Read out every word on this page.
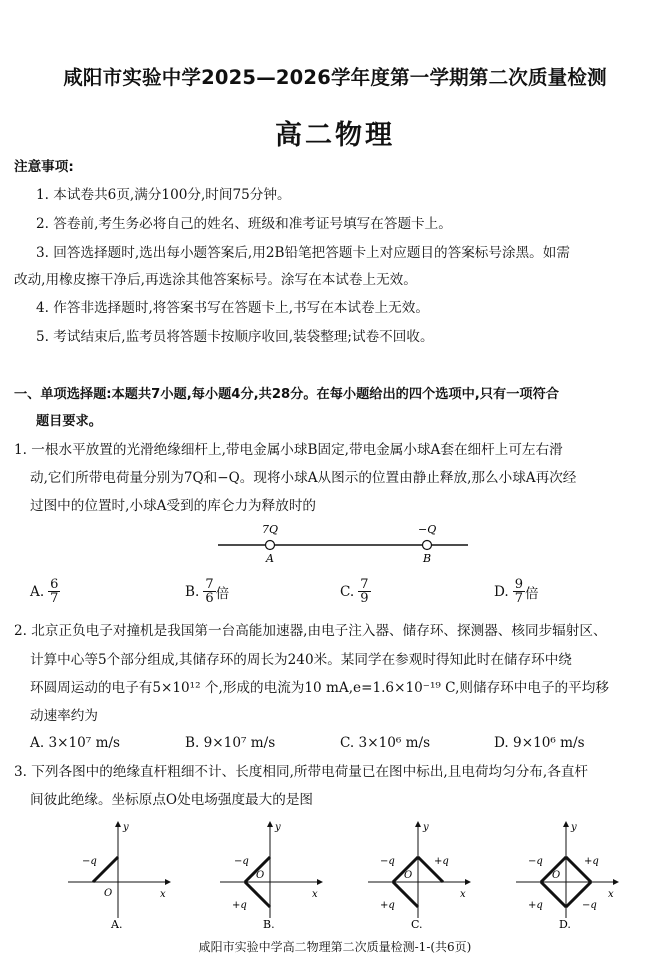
咸阳市实验中学2025—2026学年度第一学期第二次质量检测
高二物理
注意事项:
1. 本试卷共6页,满分100分,时间75分钟。
2. 答卷前,考生务必将自己的姓名、班级和准考证号填写在答题卡上。
3. 回答选择题时,选出每小题答案后,用2B铅笔把答题卡上对应题目的答案标号涂黑。如需
改动,用橡皮擦干净后,再选涂其他答案标号。涂写在本试卷上无效。
4. 作答非选择题时,将答案书写在答题卡上,书写在本试卷上无效。
5. 考试结束后,监考员将答题卡按顺序收回,装袋整理;试卷不回收。
一、单项选择题:本题共7小题,每小题4分,共28分。在每小题给出的四个选项中,只有一项符合
题目要求。
1. 一根水平放置的光滑绝缘细杆上,带电金属小球B固定,带电金属小球A套在细杆上可左右滑
动,它们所带电荷量分别为7Q和−Q。现将小球A从图示的位置由静止释放,那么小球A再次经
过图中的位置时,小球A受到的库仑力为释放时的
7Q	−Q
A	B
A. $\frac{6}{7}$	B. $\frac{7}{6}$ 倍	C. $\frac{7}{9}$	D. $\frac{9}{7}$ 倍
2. 北京正负电子对撞机是我国第一台高能加速器,由电子注入器、储存环、探测器、核同步辐射区、
计算中心等5个部分组成,其储存环的周长为240米。某同学在参观时得知此时在储存环中绕
环圆周运动的电子有5×10¹² 个,形成的电流为10 mA,e=1.6×10⁻¹⁹ C,则储存环中电子的平均移
动速率约为
A. 3×10⁷ m/s	B. 9×10⁷ m/s	C. 3×10⁶ m/s	D. 9×10⁶ m/s
3. 下列各图中的绝缘直杆粗细不计、长度相同,所带电荷量已在图中标出,且电荷均匀分布,各直杆
间彼此绝缘。坐标原点O处电场强度最大的是图
x
y
O
−q
A.
x
y
O
−q
+q
B.
x
y
O
−q
+q
+q
C.
x
y
O
−q
+q
+q
−q
D.
咸阳市实验中学高二物理第二次质量检测-1-(共6页)
